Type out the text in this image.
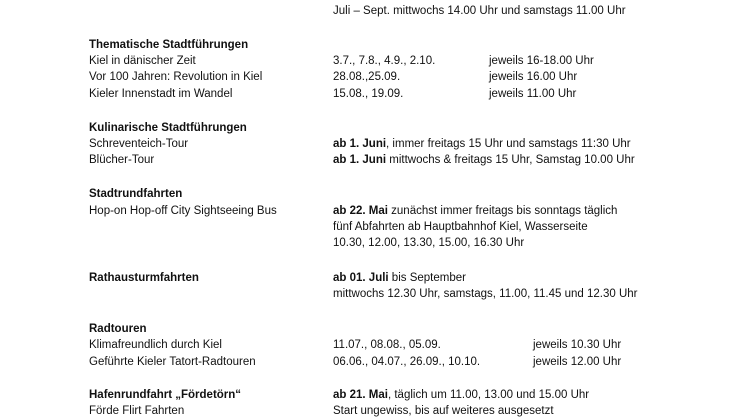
Juli – Sept. mittwochs 14.00 Uhr und samstags 11.00 Uhr
Thematische Stadtführungen
Kiel in dänischer Zeit	3.7., 7.8., 4.9., 2.10.	jeweils 16-18.00 Uhr
Vor 100 Jahren: Revolution in Kiel	28.08.,25.09.	jeweils 16.00 Uhr
Kieler Innenstadt im Wandel	15.08., 19.09.	jeweils 11.00 Uhr
Kulinarische Stadtführungen
Schreventeich-Tour	ab 1. Juni, immer freitags 15 Uhr und samstags 11:30 Uhr
Blücher-Tour	ab 1. Juni mittwochs & freitags 15 Uhr, Samstag 10.00 Uhr
Stadtrundfahrten
Hop-on Hop-off City Sightseeing Bus	ab 22. Mai zunächst immer freitags bis sonntags täglich
fünf Abfahrten ab Hauptbahnhof Kiel, Wasserseite
10.30, 12.00, 13.30, 15.00, 16.30 Uhr
Rathausturmfahrten	ab 01. Juli bis September
mittwochs 12.30 Uhr, samstags, 11.00, 11.45 und 12.30 Uhr
Radtouren
Klimafreundlich durch Kiel	11.07., 08.08., 05.09.	jeweils 10.30 Uhr
Geführte Kieler Tatort-Radtouren	06.06., 04.07., 26.09., 10.10.	jeweils 12.00 Uhr
Hafenrundfahrt „Fördetörn“	ab 21. Mai, täglich um 11.00, 13.00 und 15.00 Uhr
Förde Flirt Fahrten	Start ungewiss, bis auf weiteres ausgesetzt
